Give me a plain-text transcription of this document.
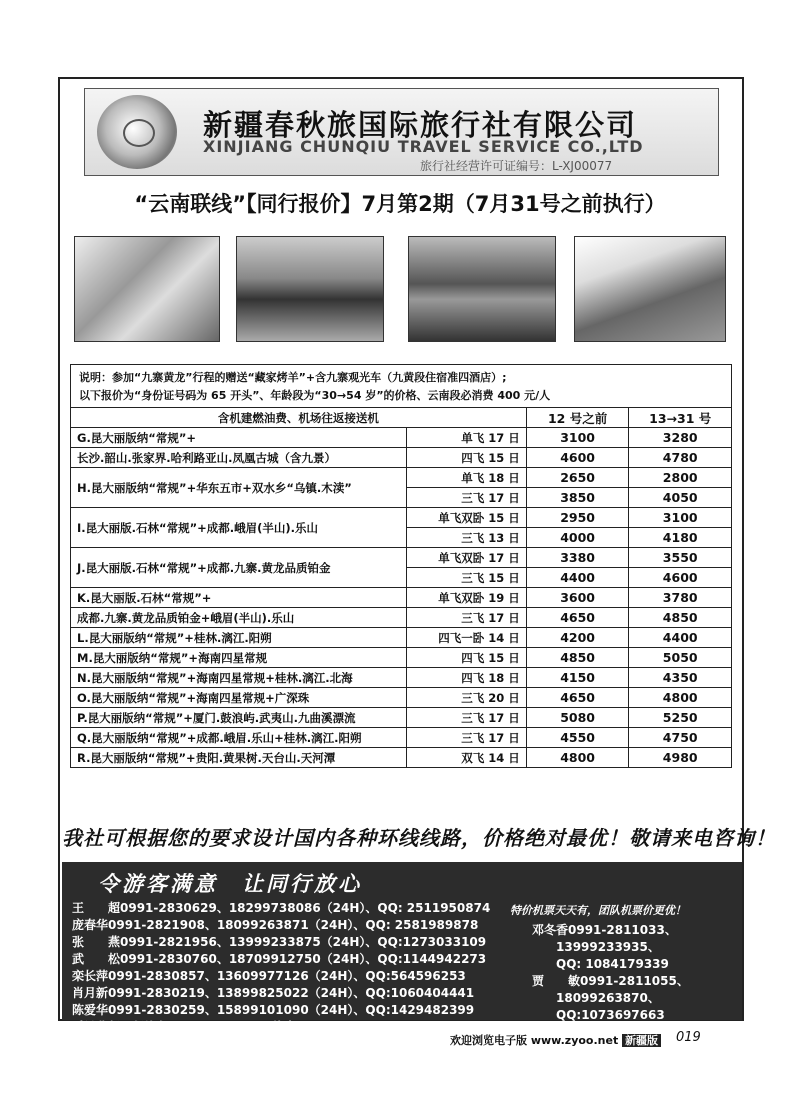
新疆春秋旅国际旅行社有限公司
XINJIANG CHUNQIU TRAVEL SERVICE CO.,LTD
旅行社经营许可证编号：L-XJ00077
“云南联线”【同行报价】7月第2期（7月31号之前执行）
说明：参加“九寨黄龙”行程的赠送“藏家烤羊”+含九寨观光车（九黄段住宿准四酒店）;
以下报价为“身份证号码为 65 开头”、年龄段为“30→54 岁”的价格、云南段必消费 400 元/人
含机建燃油费、机场往返接送机		12 号之前	13→31 号
G.昆大丽版纳“常规”+	单飞 17 日	3100	3280
长沙.韶山.张家界.哈利路亚山.凤凰古城（含九景）	四飞 15 日	4600	4780
H.昆大丽版纳“常规”+华东五市+双水乡“乌镇.木渎”	单飞 18 日	2650	2800
	三飞 17 日	3850	4050
I.昆大丽版.石林“常规”+成都.峨眉(半山).乐山	单飞双卧 15 日	2950	3100
	三飞 13 日	4000	4180
J.昆大丽版.石林“常规”+成都.九寨.黄龙品质铂金	单飞双卧 17 日	3380	3550
	三飞 15 日	4400	4600
K.昆大丽版.石林“常规”+	单飞双卧 19 日	3600	3780
成都.九寨.黄龙品质铂金+峨眉(半山).乐山	三飞 17 日	4650	4850
L.昆大丽版纳“常规”+桂林.漓江.阳朔	四飞一卧 14 日	4200	4400
M.昆大丽版纳“常规”+海南四星常规	四飞 15 日	4850	5050
N.昆大丽版纳“常规”+海南四星常规+桂林.漓江.北海	四飞 18 日	4150	4350
O.昆大丽版纳“常规”+海南四星常规+广深珠	三飞 20 日	4650	4800
P.昆大丽版纳“常规”+厦门.鼓浪屿.武夷山.九曲溪漂流	三飞 17 日	5080	5250
Q.昆大丽版纳“常规”+成都.峨眉.乐山+桂林.漓江.阳朔	三飞 17 日	4550	4750
R.昆大丽版纳“常规”+贵阳.黄果树.天台山.天河潭	双飞 14 日	4800	4980
我社可根据您的要求设计国内各种环线线路，价格绝对最优！敬请来电咨询！
令游客满意　让同行放心
王　　超0991-2830629、18299738086（24H）、QQ: 2511950874
庞春华0991-2821908、18099263871（24H）、QQ: 2581989878
张　　燕0991-2821956、13999233875（24H）、QQ:1273033109
武　　松0991-2830760、18709912750（24H）、QQ:1144942273
栾长萍0991-2830857、13609977126（24H）、QQ:564596253
肖月新0991-2830219、13899825022（24H）、QQ:1060404441
陈爱华0991-2830259、15899101090（24H）、QQ:1429482399
质量监督：程绪龙13999869335，传真:0991-2810234、2830933
特价机票天天有，团队机票价更优！
邓冬香0991-2811033、
13999233935、
QQ: 1084179339
贾　　敏0991-2811055、
18099263870、
QQ:1073697663
欢迎浏览电子版 www.zyoo.net 新疆版 019
